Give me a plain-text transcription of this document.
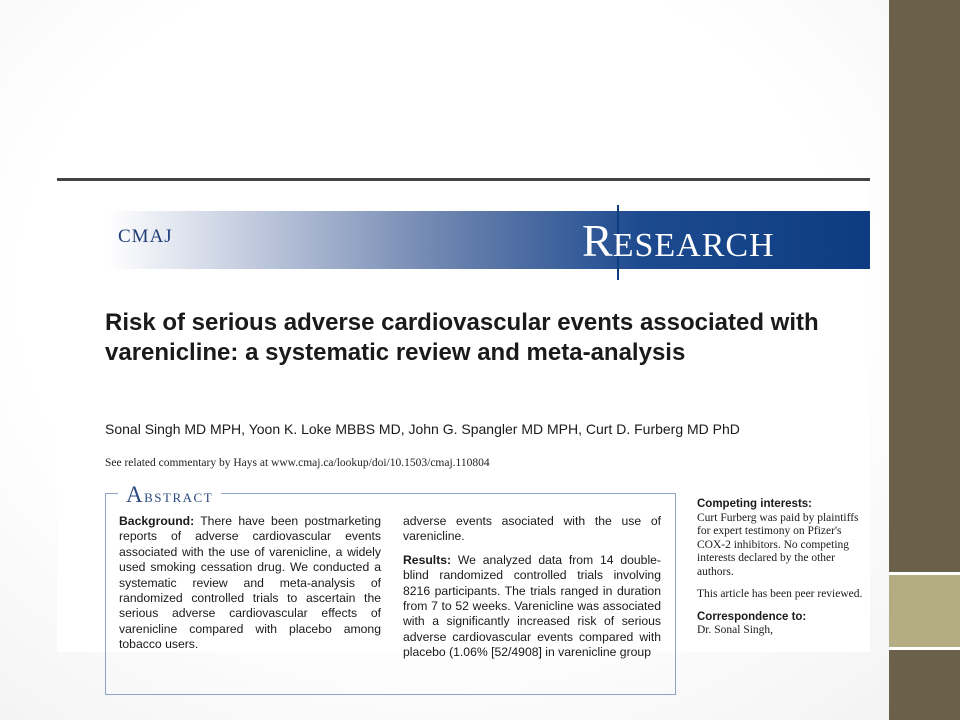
CMAJ	RESEARCH
Risk of serious adverse cardiovascular events associated with varenicline: a systematic review and meta-analysis
Sonal Singh MD MPH, Yoon K. Loke MBBS MD, John G. Spangler MD MPH, Curt D. Furberg MD PhD
See related commentary by Hays at www.cmaj.ca/lookup/doi/10.1503/cmaj.110804
Abstract
Background: There have been postmarketing reports of adverse cardiovascular events associated with the use of varenicline, a widely used smoking cessation drug. We conducted a systematic review and meta-analysis of randomized controlled trials to ascertain the serious adverse cardiovascular effects of varenicline compared with placebo among tobacco users.
adverse events asociated with the use of varenicline.
Results: We analyzed data from 14 double-blind randomized controlled trials involving 8216 participants. The trials ranged in duration from 7 to 52 weeks. Varenicline was associated with a significantly increased risk of serious adverse cardiovascular events compared with placebo (1.06% [52/4908] in varenicline group

Competing interests:
Curt Furberg was paid by plaintiffs for expert testimony on Pfizer's COX-2 inhibitors. No competing interests declared by the other authors.

This article has been peer reviewed.

Correspondence to:
Dr. Sonal Singh,
